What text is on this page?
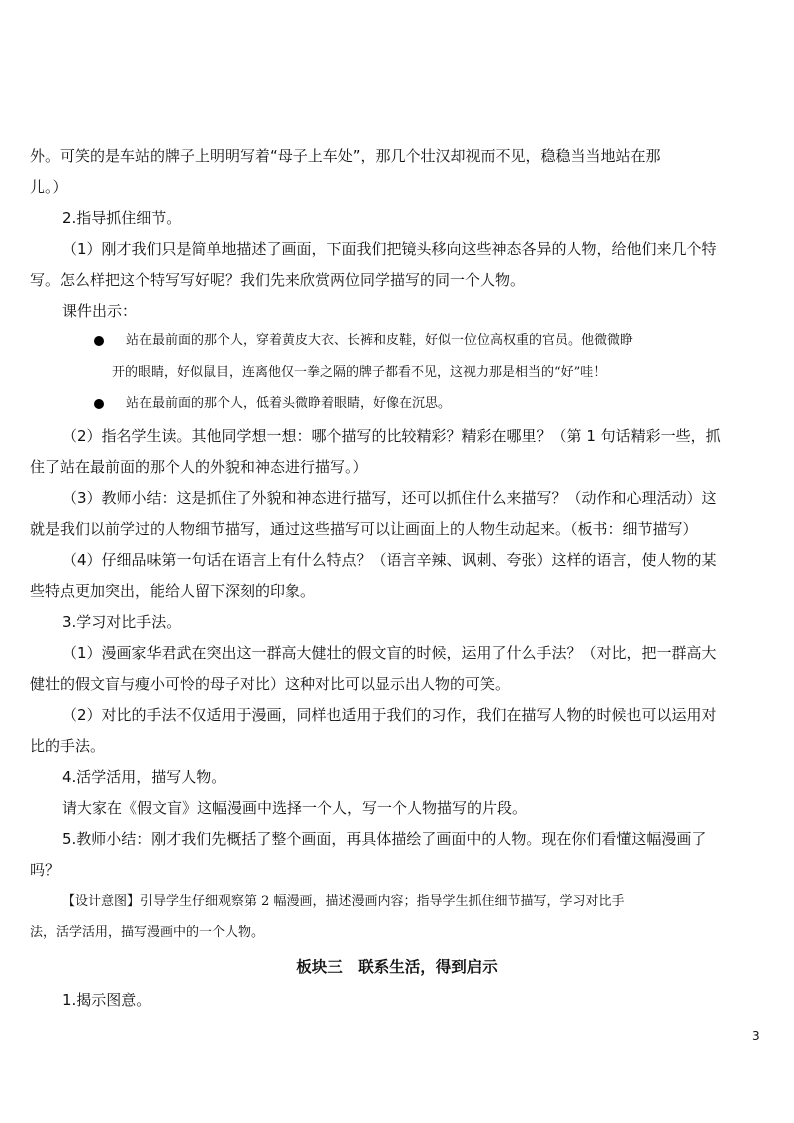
外。可笑的是车站的牌子上明明写着“母子上车处”，那几个壮汉却视而不见，稳稳当当地站在那
儿。）
2.指导抓住细节。
（1）刚才我们只是简单地描述了画面，下面我们把镜头移向这些神态各异的人物，给他们来几个特
写。怎么样把这个特写写好呢？我们先来欣赏两位同学描写的同一个人物。
课件出示：
站在最前面的那个人，穿着黄皮大衣、长裤和皮鞋，好似一位位高权重的官员。他微微睁
开的眼睛，好似鼠目，连离他仅一拳之隔的牌子都看不见，这视力那是相当的“好”哇！
站在最前面的那个人，低着头微睁着眼睛，好像在沉思。
（2）指名学生读。其他同学想一想：哪个描写的比较精彩？精彩在哪里？（第 1 句话精彩一些，抓
住了站在最前面的那个人的外貌和神态进行描写。）
（3）教师小结：这是抓住了外貌和神态进行描写，还可以抓住什么来描写？（动作和心理活动）这
就是我们以前学过的人物细节描写，通过这些描写可以让画面上的人物生动起来。（板书：细节描写）
（4）仔细品味第一句话在语言上有什么特点？（语言辛辣、讽刺、夸张）这样的语言，使人物的某
些特点更加突出，能给人留下深刻的印象。
3.学习对比手法。
（1）漫画家华君武在突出这一群高大健壮的假文盲的时候，运用了什么手法？（对比，把一群高大
健壮的假文盲与瘦小可怜的母子对比）这种对比可以显示出人物的可笑。
（2）对比的手法不仅适用于漫画，同样也适用于我们的习作，我们在描写人物的时候也可以运用对
比的手法。
4.活学活用，描写人物。
请大家在《假文盲》这幅漫画中选择一个人，写一个人物描写的片段。
5.教师小结：刚才我们先概括了整个画面，再具体描绘了画面中的人物。现在你们看懂这幅漫画了
吗？
【设计意图】引导学生仔细观察第 2 幅漫画，描述漫画内容；指导学生抓住细节描写，学习对比手
法，活学活用，描写漫画中的一个人物。
板块三　联系生活，得到启示
1.揭示图意。
3
